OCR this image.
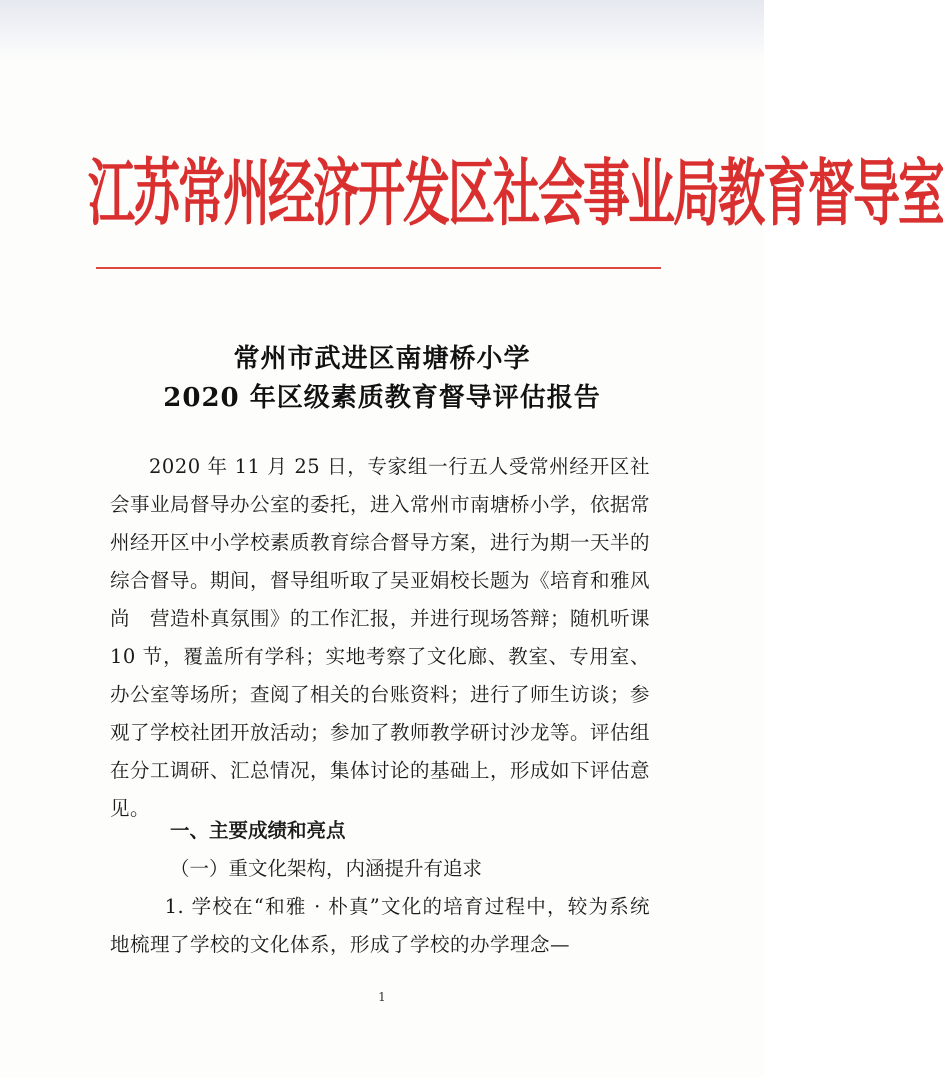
江苏常州经济开发区社会事业局教育督导室
常州市武进区南塘桥小学
2020 年区级素质教育督导评估报告
2020 年 11 月 25 日，专家组一行五人受常州经开区社会事业局督导办公室的委托，进入常州市南塘桥小学，依据常州经开区中小学校素质教育综合督导方案，进行为期一天半的综合督导。期间，督导组听取了吴亚娟校长题为《培育和雅风尚　营造朴真氛围》的工作汇报，并进行现场答辩；随机听课 10 节，覆盖所有学科；实地考察了文化廊、教室、专用室、办公室等场所；查阅了相关的台账资料；进行了师生访谈；参观了学校社团开放活动；参加了教师教学研讨沙龙等。评估组在分工调研、汇总情况，集体讨论的基础上，形成如下评估意见。
一、主要成绩和亮点
（一）重文化架构，内涵提升有追求
1. 学校在“和雅 · 朴真”文化的培育过程中，较为系统地梳理了学校的文化体系，形成了学校的办学理念—
1
